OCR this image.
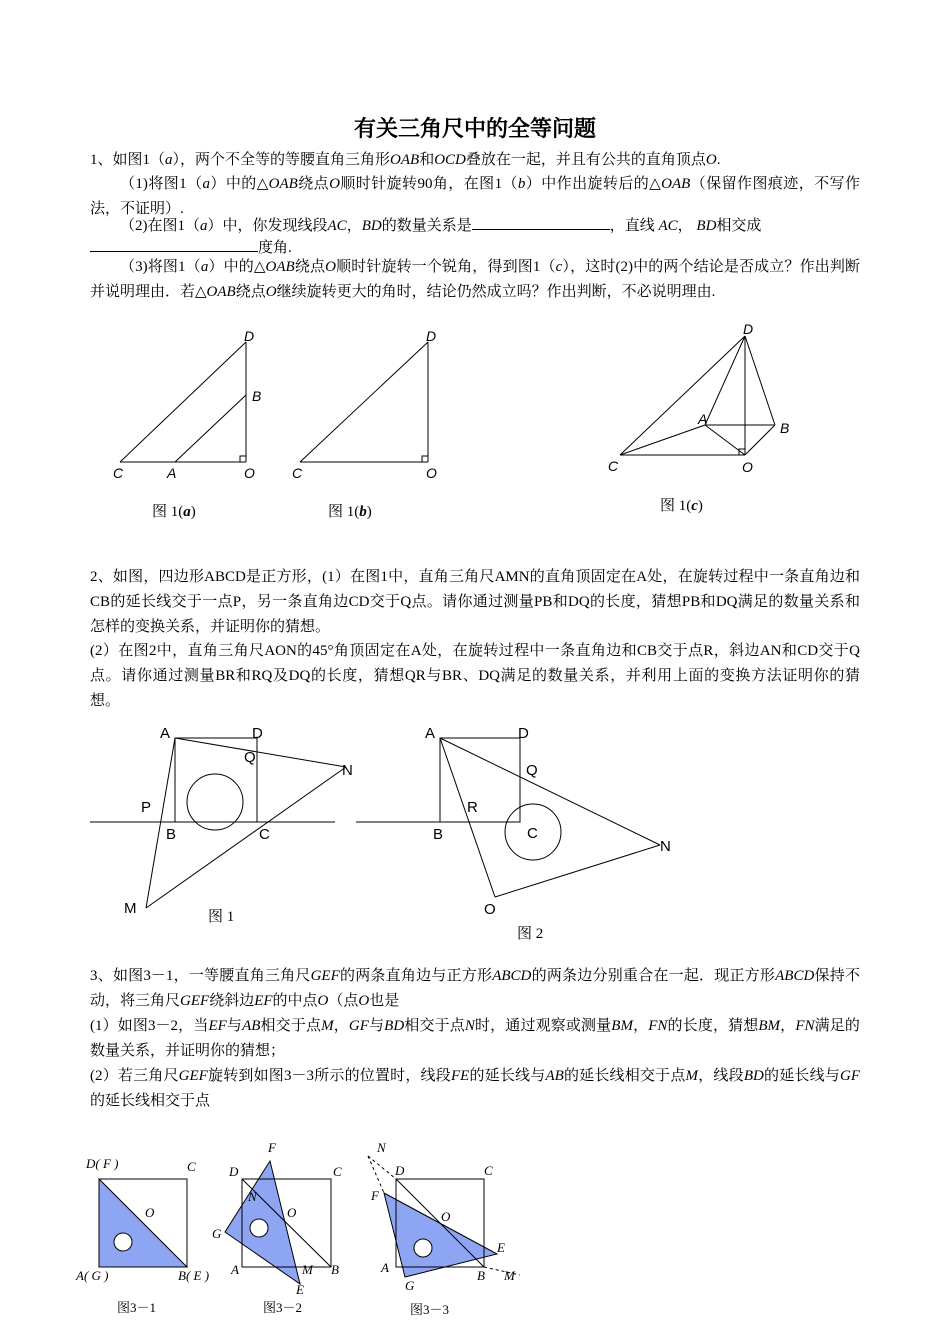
有关三角尺中的全等问题
1、如图1（a），两个不全等的等腰直角三角形OAB和OCD叠放在一起，并且有公共的直角顶点O.
（1)将图1（a）中的△OAB绕点O顺时针旋转90角，在图1（b）中作出旋转后的△OAB（保留作图痕迹，不写作法，不证明）.
（2)在图1（a）中，你发现线段AC，BD的数量关系是	，直线 AC， BD相交成
度角.
（3)将图1（a）中的△OAB绕点O顺时针旋转一个锐角，得到图1（c），这时(2)中的两个结论是否成立？作出判断并说明理由．若△OAB绕点O继续旋转更大的角时，结论仍然成立吗？作出判断，不必说明理由.
2、如图，四边形ABCD是正方形，(1）在图1中，直角三角尺AMN的直角顶固定在A处，在旋转过程中一条直角边和CB的延长线交于一点P，另一条直角边CD交于Q点。请你通过测量PB和DQ的长度，猜想PB和DQ满足的数量关系和怎样的变换关系，并证明你的猜想。
(2）在图2中，直角三角尺AON的45°角顶固定在A处，在旋转过程中一条直角边和CB交于点R，斜边AN和CD交于Q点。请你通过测量BR和RQ及DQ的长度，猜想QR与BR、DQ满足的数量关系，并利用上面的变换方法证明你的猜想。
3、如图3－1，一等腰直角三角尺GEF的两条直角边与正方形ABCD的两条边分别重合在一起．现正方形ABCD保持不动，将三角尺GEF绕斜边EF的中点O（点O也是
(1）如图3－2，当EF与AB相交于点M，GF与BD相交于点N时，通过观察或测量BM，FN的长度，猜想BM，FN满足的数量关系，并证明你的猜想；
(2）若三角尺GEF旋转到如图3－3所示的位置时，线段FE的延长线与AB的延长线相交于点M，线段BD的延长线与GF的延长线相交于点
D
B
C	A	O
图 1(a)
D
C	O
图 1(b)
D
A
B
C	O
图 1(c)
A	D
Q
N
P
B	C
M	图 1
A	D
Q
R
B	C
N
O
图 2
D( F )	C
O
A( G )	B( E )
图3－1
F
D	C
N
O
G
A	M B
E
图3－2
N
D	C
F
O
E
A
B M
G
图3－3
